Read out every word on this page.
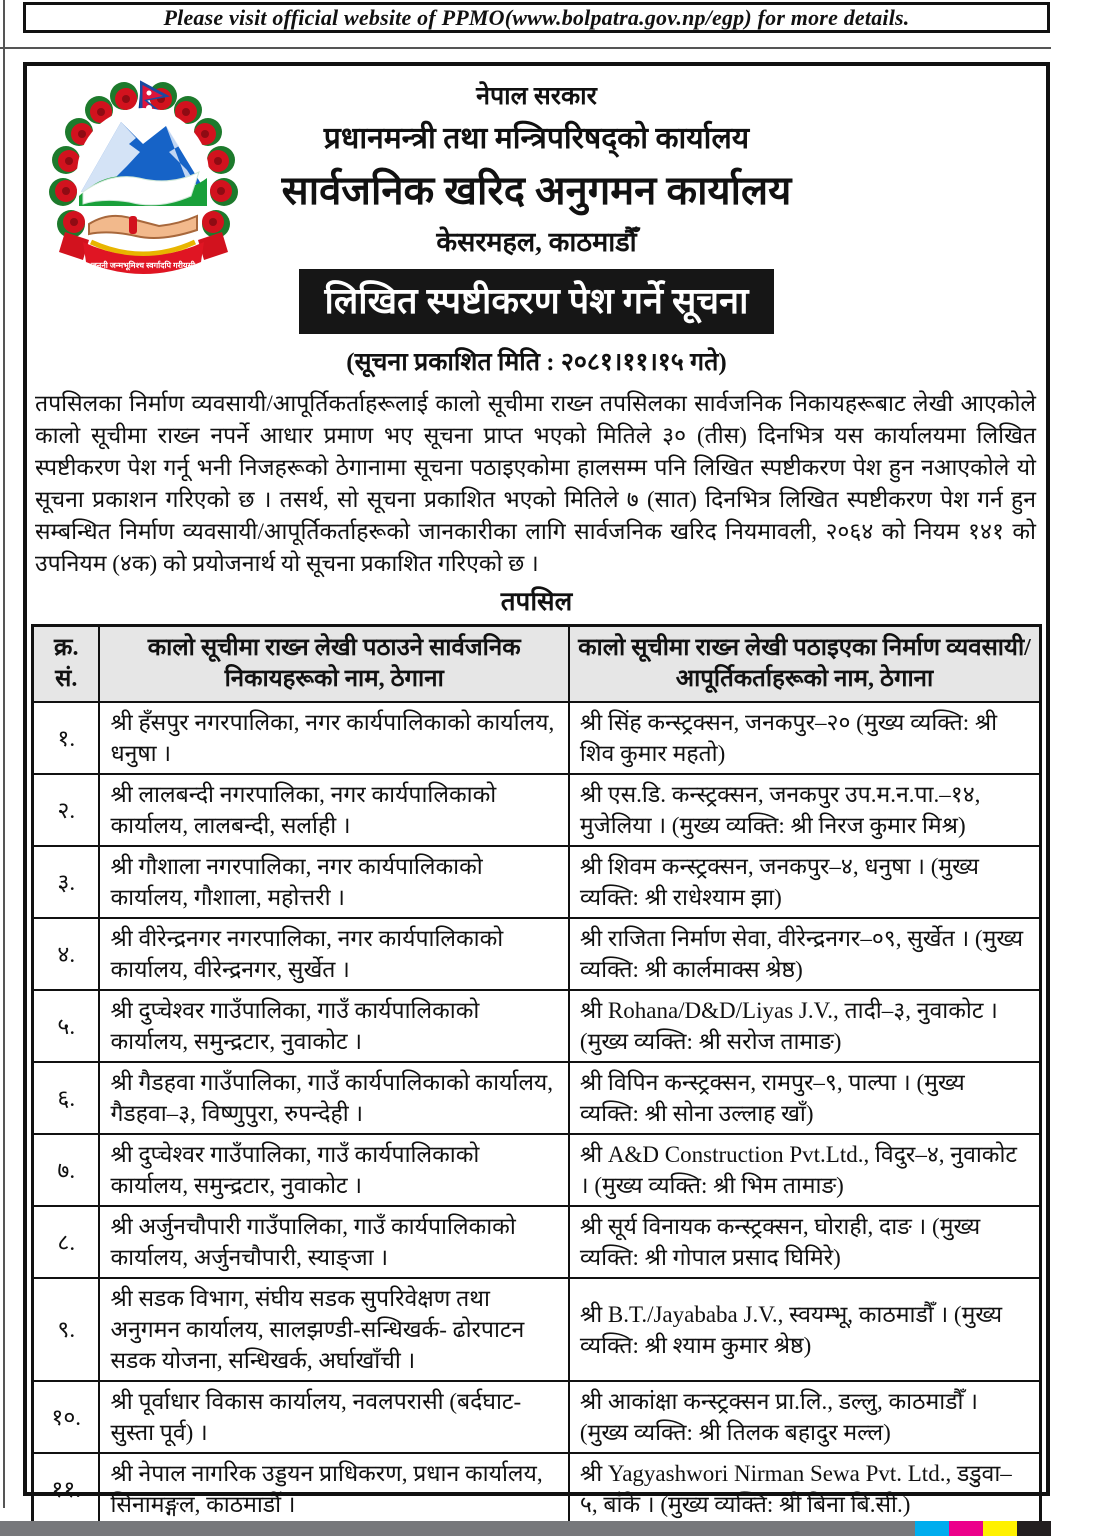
Please visit official website of PPMO(www.bolpatra.gov.np/egp) for more details.
जननी जन्मभूमिश्च स्वर्गादपि गरीयसी
नेपाल सरकार
प्रधानमन्त्री तथा मन्त्रिपरिषद्को कार्यालय
सार्वजनिक खरिद अनुगमन कार्यालय
केसरमहल, काठमाडौँ
लिखित स्पष्टीकरण पेश गर्ने सूचना
(सूचना प्रकाशित मिति : २०८१।११।१५ गते)
तपसिलका निर्माण व्यवसायी/आपूर्तिकर्ताहरूलाई कालो सूचीमा राख्न तपसिलका सार्वजनिक निकायहरूबाट लेखी आएकोले कालो सूचीमा राख्न नपर्ने आधार प्रमाण भए सूचना प्राप्त भएको मितिले ३० (तीस) दिनभित्र यस कार्यालयमा लिखित स्पष्टीकरण पेश गर्नू भनी निजहरूको ठेगानामा सूचना पठाइएकोमा हालसम्म पनि लिखित स्पष्टीकरण पेश हुन नआएकोले यो सूचना प्रकाशन गरिएको छ । तसर्थ, सो सूचना प्रकाशित भएको मितिले ७ (सात) दिनभित्र लिखित स्पष्टीकरण पेश गर्न हुन सम्बन्धित निर्माण व्यवसायी/आपूर्तिकर्ताहरूको जानकारीका लागि सार्वजनिक खरिद नियमावली, २०६४ को नियम १४१ को उपनियम (४क) को प्रयोजनार्थ यो सूचना प्रकाशित गरिएको छ ।
तपसिल
क्र. सं.	कालो सूचीमा राख्न लेखी पठाउने सार्वजनिक निकायहरूको नाम, ठेगाना	कालो सूचीमा राख्न लेखी पठाइएका निर्माण व्यवसायी/आपूर्तिकर्ताहरूको नाम, ठेगाना
१.	श्री हँसपुर नगरपालिका, नगर कार्यपालिकाको कार्यालय, धनुषा ।	श्री सिंह कन्स्ट्रक्सन, जनकपुर–२० (मुख्य व्यक्ति: श्री शिव कुमार महतो)
२.	श्री लालबन्दी नगरपालिका, नगर कार्यपालिकाको कार्यालय, लालबन्दी, सर्लाही ।	श्री एस.डि. कन्स्ट्रक्सन, जनकपुर उप.म.न.पा.–१४, मुजेलिया । (मुख्य व्यक्ति: श्री निरज कुमार मिश्र)
३.	श्री गौशाला नगरपालिका, नगर कार्यपालिकाको कार्यालय, गौशाला, महोत्तरी ।	श्री शिवम कन्स्ट्रक्सन, जनकपुर–४, धनुषा । (मुख्य व्यक्ति: श्री राधेश्याम झा)
४.	श्री वीरेन्द्रनगर नगरपालिका, नगर कार्यपालिकाको कार्यालय, वीरेन्द्रनगर, सुर्खेत ।	श्री राजिता निर्माण सेवा, वीरेन्द्रनगर–०९, सुर्खेत । (मुख्य व्यक्ति: श्री कार्लमाक्स श्रेष्ठ)
५.	श्री दुप्चेश्वर गाउँपालिका, गाउँ कार्यपालिकाको कार्यालय, समुन्द्रटार, नुवाकोट ।	श्री Rohana/D&D/Liyas J.V., तादी–३, नुवाकोट । (मुख्य व्यक्ति: श्री सरोज तामाङ)
६.	श्री गैडहवा गाउँपालिका, गाउँ कार्यपालिकाको कार्यालय, गैडहवा–३, विष्णुपुरा, रुपन्देही ।	श्री विपिन कन्स्ट्रक्सन, रामपुर–९, पाल्पा । (मुख्य व्यक्ति: श्री सोना उल्लाह खाँ)
७.	श्री दुप्चेश्वर गाउँपालिका, गाउँ कार्यपालिकाको कार्यालय, समुन्द्रटार, नुवाकोट ।	श्री A&D Construction Pvt.Ltd., विदुर–४, नुवाकोट । (मुख्य व्यक्ति: श्री भिम तामाङ)
८.	श्री अर्जुनचौपारी गाउँपालिका, गाउँ कार्यपालिकाको कार्यालय, अर्जुनचौपारी, स्याङ्जा ।	श्री सूर्य विनायक कन्स्ट्रक्सन, घोराही, दाङ । (मुख्य व्यक्ति: श्री गोपाल प्रसाद घिमिरे)
९.	श्री सडक विभाग, संघीय सडक सुपरिवेक्षण तथा अनुगमन कार्यालय, सालझण्डी-सन्धिखर्क- ढोरपाटन सडक योजना, सन्धिखर्क, अर्घाखाँची ।	श्री B.T./Jayababa J.V., स्वयम्भू, काठमाडौँ । (मुख्य व्यक्ति: श्री श्याम कुमार श्रेष्ठ)
१०.	श्री पूर्वाधार विकास कार्यालय, नवलपरासी (बर्दघाट-सुस्ता पूर्व) ।	श्री आकांक्षा कन्स्ट्रक्सन प्रा.लि., डल्लु, काठमाडौँ । (मुख्य व्यक्ति: श्री तिलक बहादुर मल्ल)
११.	श्री नेपाल नागरिक उड्डयन प्राधिकरण, प्रधान कार्यालय, सिनामङ्गल, काठमाडौँ ।	श्री Yagyashwori Nirman Sewa Pvt. Ltd., डडुवा–५, बाँके । (मुख्य व्यक्ति: श्री बिना बि.सी.)
